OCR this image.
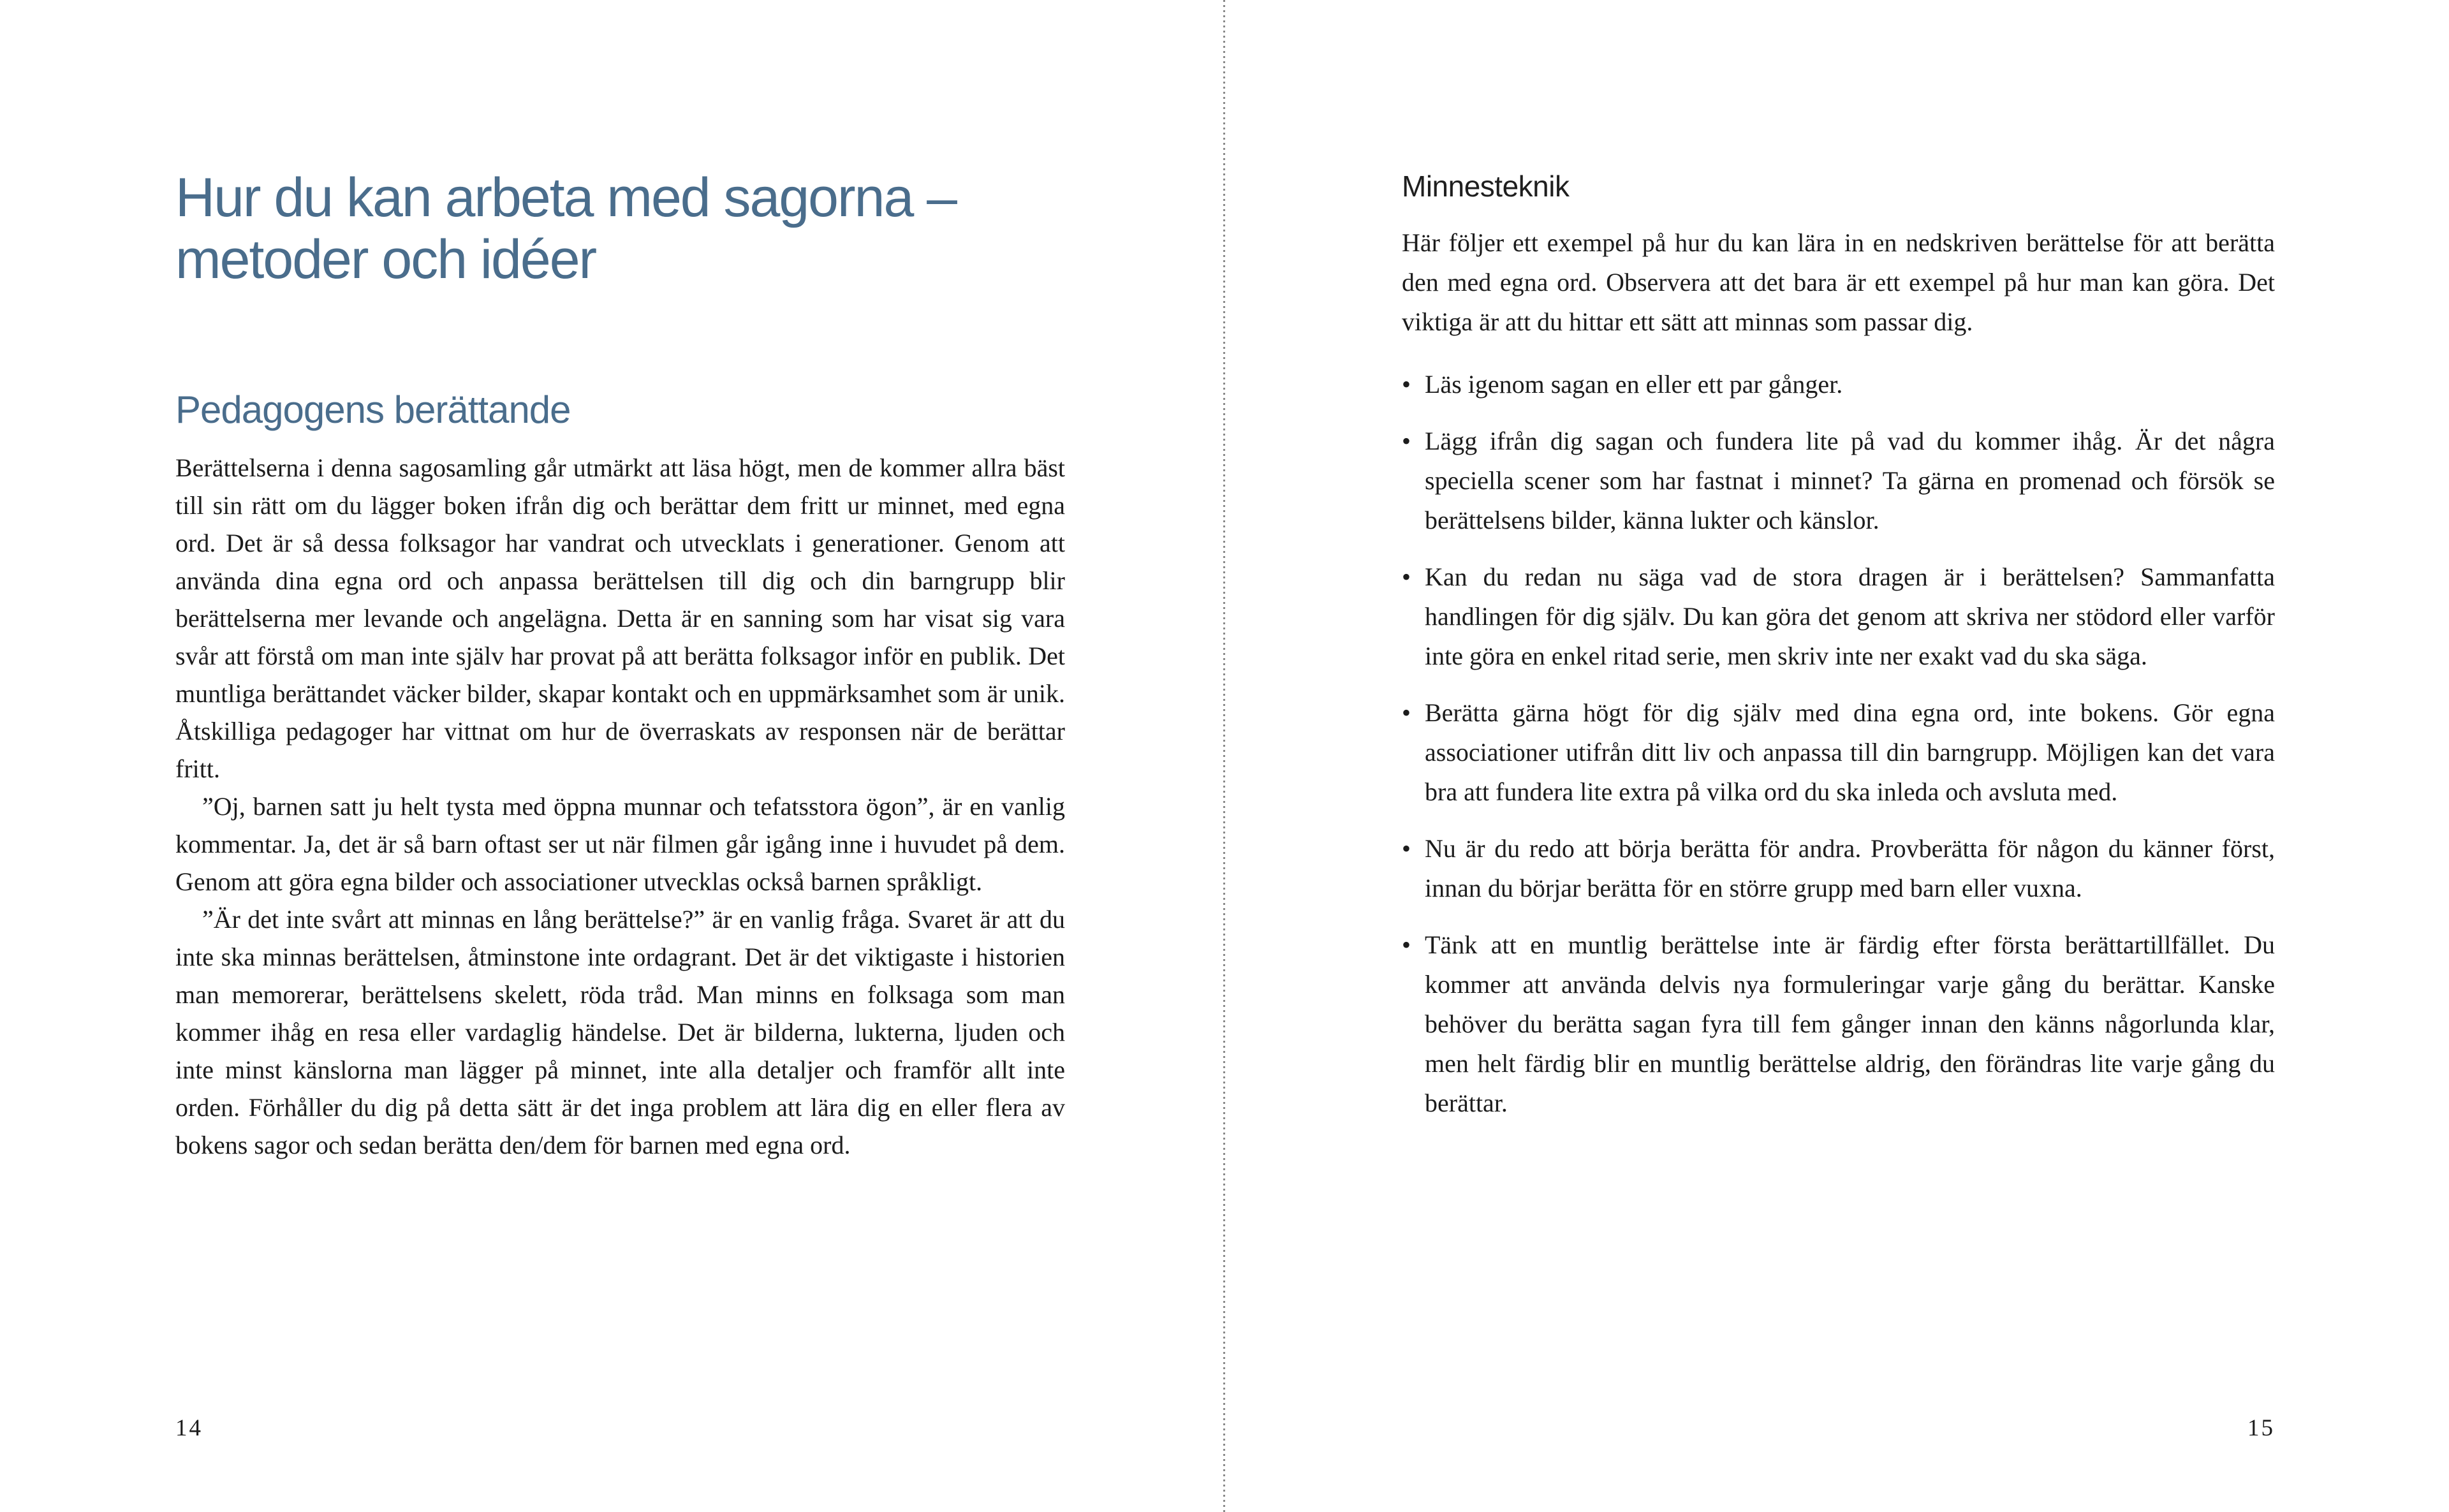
Hur du kan arbeta med sagorna –
metoder och idéer
Pedagogens berättande

Berättelserna i denna sagosamling går utmärkt att läsa högt, men de kommer allra bäst till sin rätt om du lägger boken ifrån dig och berättar dem fritt ur minnet, med egna ord. Det är så dessa folksagor har vandrat och utvecklats i generationer. Genom att använda dina egna ord och anpassa berättelsen till dig och din barngrupp blir berättelserna mer levande och angelägna. Detta är en sanning som har visat sig vara svår att förstå om man inte själv har provat på att berätta folksagor inför en publik. Det muntliga berättandet väcker bilder, skapar kontakt och en uppmärksamhet som är unik. Åtskilliga pedagoger har vittnat om hur de överraskats av responsen när de berättar fritt.

”Oj, barnen satt ju helt tysta med öppna munnar och tefatsstora ögon”, är en vanlig kommentar. Ja, det är så barn oftast ser ut när filmen går igång inne i huvudet på dem. Genom att göra egna bilder och associationer utvecklas också barnen språkligt.

”Är det inte svårt att minnas en lång berättelse?” är en vanlig fråga. Svaret är att du inte ska minnas berättelsen, åtminstone inte ordagrant. Det är det viktigaste i historien man memorerar, berättelsens skelett, röda tråd. Man minns en folksaga som man kommer ihåg en resa eller vardaglig händelse. Det är bilderna, lukterna, ljuden och inte minst känslorna man lägger på minnet, inte alla detaljer och framför allt inte orden. Förhåller du dig på detta sätt är det inga problem att lära dig en eller flera av bokens sagor och sedan berätta den/dem för barnen med egna ord.

14
Minnesteknik

Här följer ett exempel på hur du kan lära in en nedskriven berättelse för att berätta den med egna ord. Observera att det bara är ett exempel på hur man kan göra. Det viktiga är att du hittar ett sätt att minnas som passar dig.

• Läs igenom sagan en eller ett par gånger.
• Lägg ifrån dig sagan och fundera lite på vad du kommer ihåg. Är det några speciella scener som har fastnat i minnet? Ta gärna en promenad och försök se berättelsens bilder, känna lukter och känslor.
• Kan du redan nu säga vad de stora dragen är i berättelsen? Sammanfatta handlingen för dig själv. Du kan göra det genom att skriva ner stödord eller varför inte göra en enkel ritad serie, men skriv inte ner exakt vad du ska säga.
• Berätta gärna högt för dig själv med dina egna ord, inte bokens. Gör egna associationer utifrån ditt liv och anpassa till din barngrupp. Möjligen kan det vara bra att fundera lite extra på vilka ord du ska inleda och avsluta med.
• Nu är du redo att börja berätta för andra. Provberätta för någon du känner först, innan du börjar berätta för en större grupp med barn eller vuxna.
• Tänk att en muntlig berättelse inte är färdig efter första berättartillfället. Du kommer att använda delvis nya formuleringar varje gång du berättar. Kanske behöver du berätta sagan fyra till fem gånger innan den känns någorlunda klar, men helt färdig blir en muntlig berättelse aldrig, den förändras lite varje gång du berättar.
15
